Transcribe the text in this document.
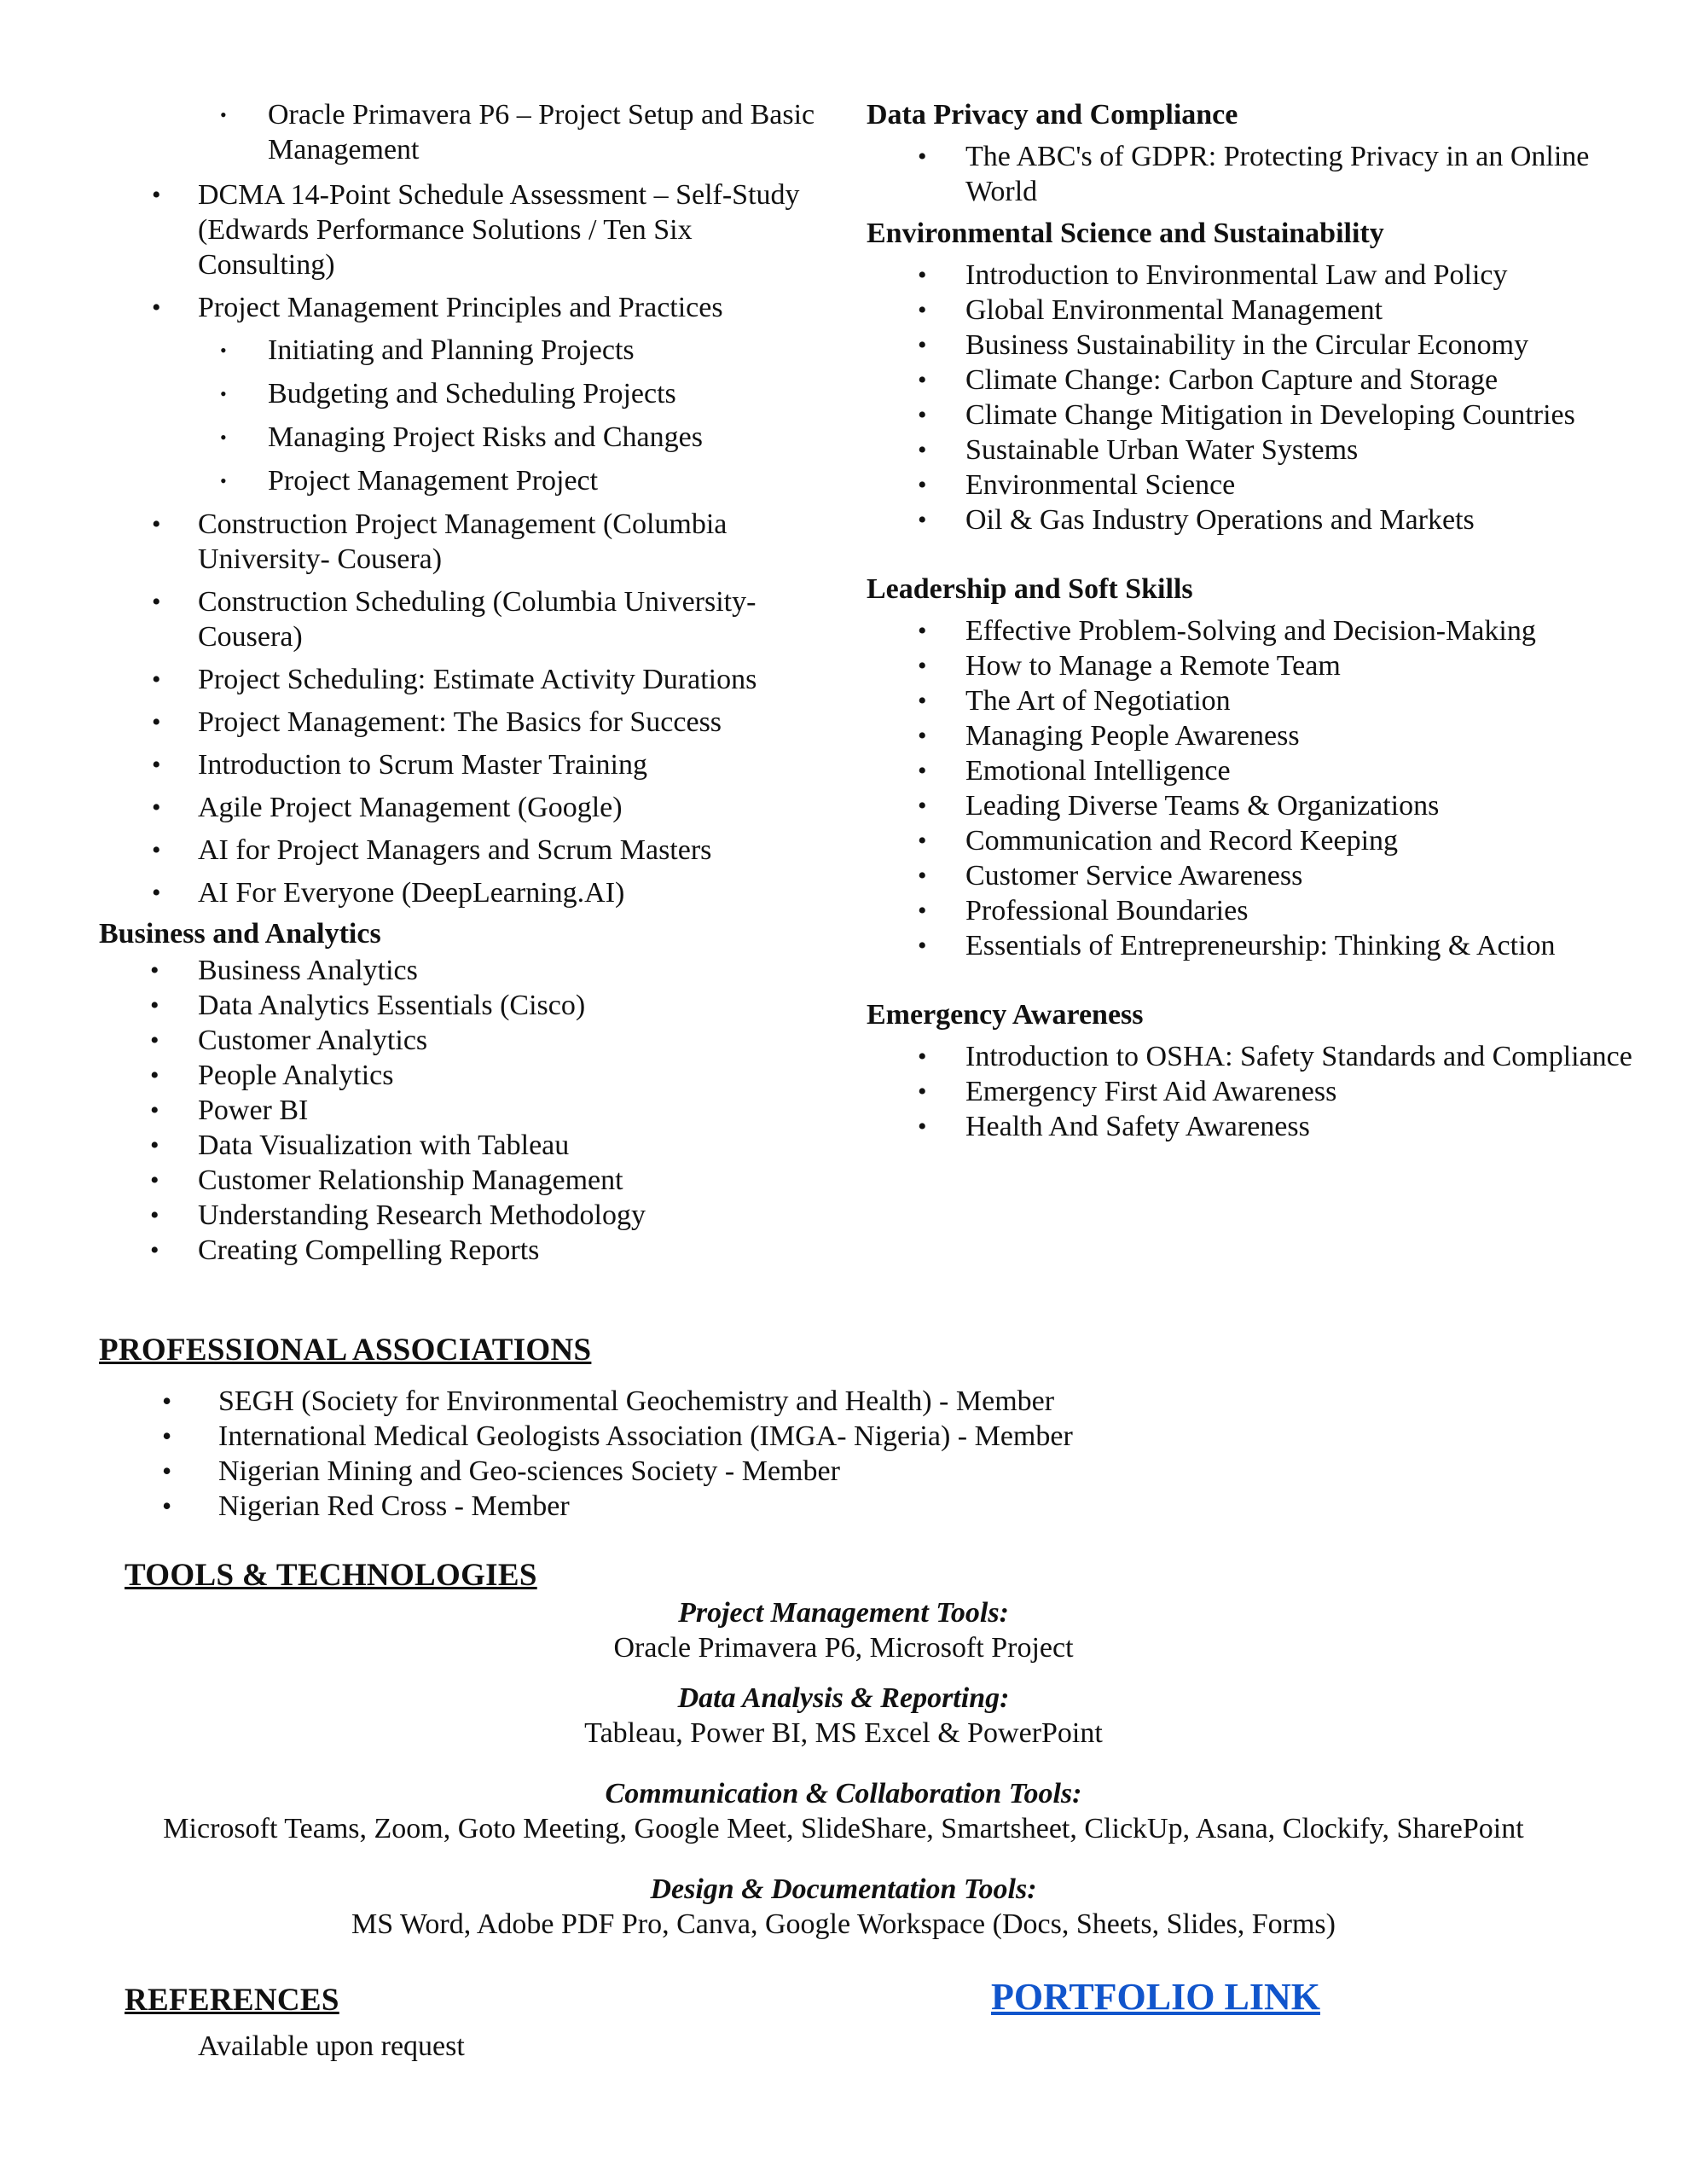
• Oracle Primavera P6 – Project Setup and Basic Management
• DCMA 14-Point Schedule Assessment – Self-Study (Edwards Performance Solutions / Ten Six Consulting)
• Project Management Principles and Practices
• Initiating and Planning Projects
• Budgeting and Scheduling Projects
• Managing Project Risks and Changes
• Project Management Project
• Construction Project Management (Columbia University- Cousera)
• Construction Scheduling (Columbia University-Cousera)
• Project Scheduling: Estimate Activity Durations
• Project Management: The Basics for Success
• Introduction to Scrum Master Training
• Agile Project Management (Google)
• AI for Project Managers and Scrum Masters
• AI For Everyone (DeepLearning.AI)
Business and Analytics
• Business Analytics
• Data Analytics Essentials (Cisco)
• Customer Analytics
• People Analytics
• Power BI
• Data Visualization with Tableau
• Customer Relationship Management
• Understanding Research Methodology
• Creating Compelling Reports
Data Privacy and Compliance
• The ABC's of GDPR: Protecting Privacy in an Online World
Environmental Science and Sustainability
• Introduction to Environmental Law and Policy
• Global Environmental Management
• Business Sustainability in the Circular Economy
• Climate Change: Carbon Capture and Storage
• Climate Change Mitigation in Developing Countries
• Sustainable Urban Water Systems
• Environmental Science
• Oil & Gas Industry Operations and Markets
Leadership and Soft Skills
• Effective Problem-Solving and Decision-Making
• How to Manage a Remote Team
• The Art of Negotiation
• Managing People Awareness
• Emotional Intelligence
• Leading Diverse Teams & Organizations
• Communication and Record Keeping
• Customer Service Awareness
• Professional Boundaries
• Essentials of Entrepreneurship: Thinking & Action
Emergency Awareness
• Introduction to OSHA: Safety Standards and Compliance
• Emergency First Aid Awareness
• Health And Safety Awareness
PROFESSIONAL ASSOCIATIONS
• SEGH (Society for Environmental Geochemistry and Health) - Member
• International Medical Geologists Association (IMGA- Nigeria) - Member
• Nigerian Mining and Geo-sciences Society - Member
• Nigerian Red Cross - Member
TOOLS & TECHNOLOGIES
Project Management Tools:
Oracle Primavera P6, Microsoft Project
Data Analysis & Reporting:
Tableau, Power BI, MS Excel & PowerPoint
Communication & Collaboration Tools:
Microsoft Teams, Zoom, Goto Meeting, Google Meet, SlideShare, Smartsheet, ClickUp, Asana, Clockify, SharePoint
Design & Documentation Tools:
MS Word, Adobe PDF Pro, Canva, Google Workspace (Docs, Sheets, Slides, Forms)
REFERENCES
Available upon request
PORTFOLIO LINK
